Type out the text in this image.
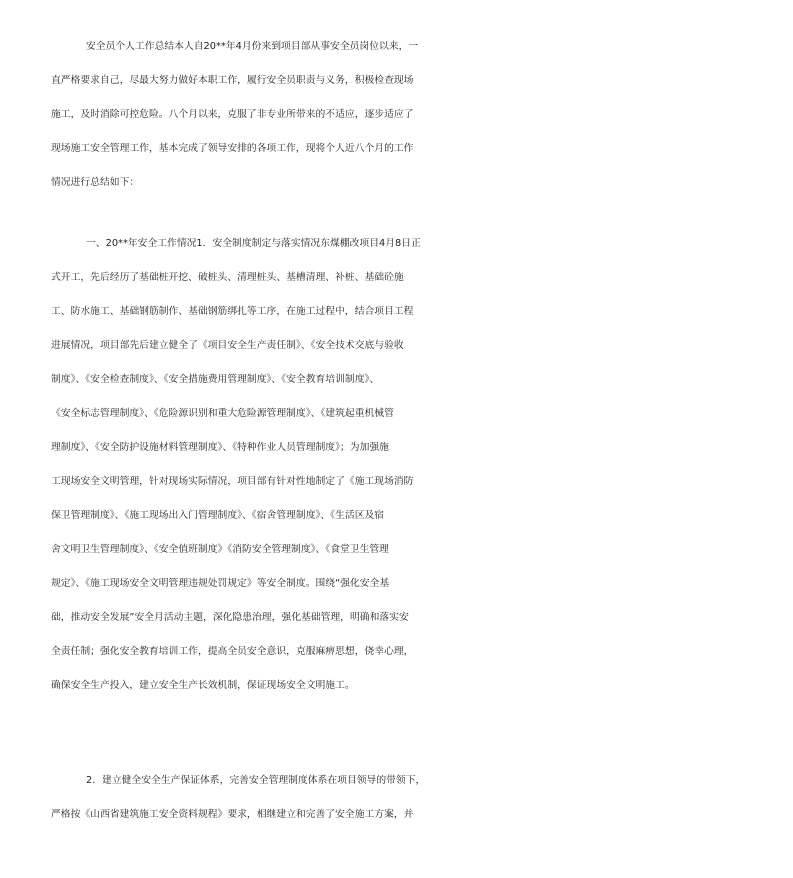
安全员个人工作总结本人自20**年4月份来到项目部从事安全员岗位以来，一

直严格要求自己，尽最大努力做好本职工作，履行安全员职责与义务，积极检查现场

施工，及时消除可控危险。八个月以来，克服了非专业所带来的不适应，逐步适应了

现场施工安全管理工作，基本完成了领导安排的各项工作，现将个人近八个月的工作

情况进行总结如下：

一、20**年安全工作情况1．安全制度制定与落实情况东煤棚改项目4月8日正

式开工，先后经历了基础桩开挖、破桩头、清理桩头、基槽清理、补桩、基础砼施

工、防水施工、基础钢筋制作、基础钢筋绑扎等工序，在施工过程中，结合项目工程

进展情况，项目部先后建立健全了《项目安全生产责任制》、《安全技术交底与验收

制度》、《安全检查制度》、《安全措施费用管理制度》、《安全教育培训制度》、

《安全标志管理制度》、《危险源识别和重大危险源管理制度》、《建筑起重机械管

理制度》、《安全防护设施材料管理制度》、《特种作业人员管理制度》；为加强施

工现场安全文明管理，针对现场实际情况，项目部有针对性地制定了《施工现场消防

保卫管理制度》、《施工现场出入门管理制度》、《宿舍管理制度》、《生活区及宿

舍文明卫生管理制度》、《安全值班制度》《消防安全管理制度》、《食堂卫生管理

规定》、《施工现场安全文明管理违规处罚规定》等安全制度。围绕“强化安全基

础，推动安全发展”安全月活动主题，深化隐患治理，强化基础管理，明确和落实安

全责任制；强化安全教育培训工作，提高全员安全意识，克服麻痹思想，侥幸心理，

确保安全生产投入，建立安全生产长效机制，保证现场安全文明施工。

2．建立健全安全生产保证体系，完善安全管理制度体系在项目领导的带领下，

严格按《山西省建筑施工安全资料规程》要求，相继建立和完善了安全施工方案，并
